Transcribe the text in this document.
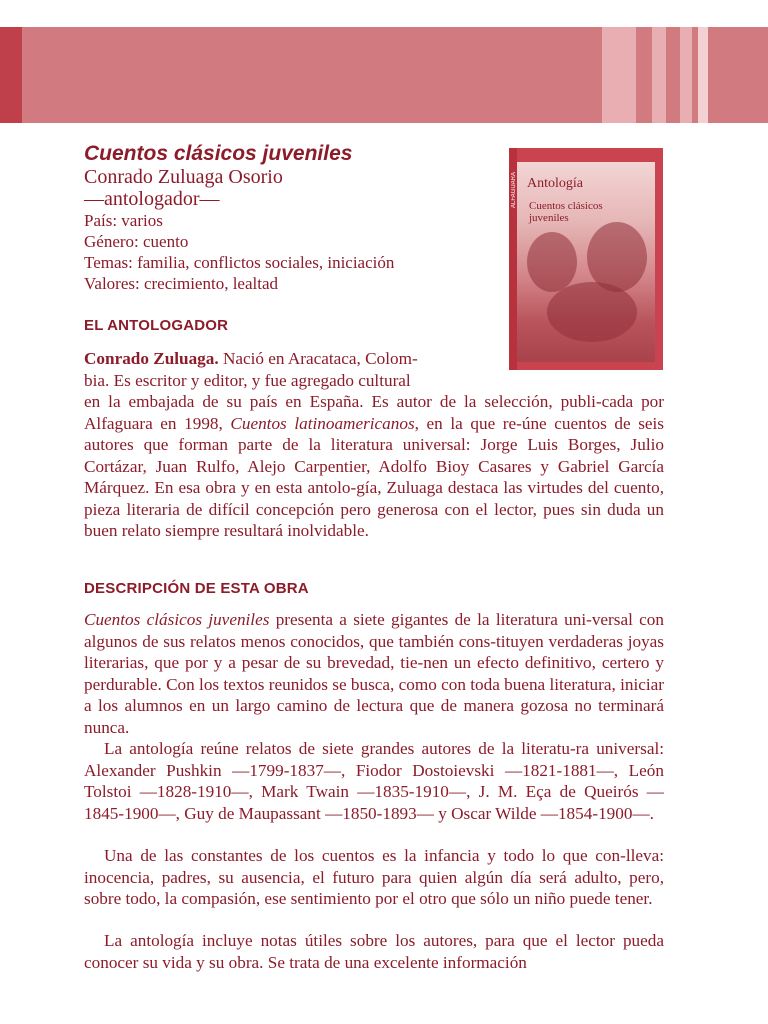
Cuentos clásicos juveniles
Conrado Zuluaga Osorio
—antologador—
País: varios
Género: cuento
Temas: familia, conflictos sociales, iniciación
Valores: crecimiento, lealtad
ALFAGUARA Antología
Cuentos clásicos juveniles
EL ANTOLOGADOR

Conrado Zuluaga. Nació en Aracataca, Colom-
bia. Es escritor y editor, y fue agregado cultural

en la embajada de su país en España. Es autor de la selección, publi-cada por Alfaguara en 1998, Cuentos latinoamericanos, en la que re-úne cuentos de seis autores que forman parte de la literatura universal: Jorge Luis Borges, Julio Cortázar, Juan Rulfo, Alejo Carpentier, Adolfo Bioy Casares y Gabriel García Márquez. En esa obra y en esta antolo-gía, Zuluaga destaca las virtudes del cuento, pieza literaria de difícil concepción pero generosa con el lector, pues sin duda un buen relato siempre resultará inolvidable.

DESCRIPCIÓN DE ESTA OBRA

Cuentos clásicos juveniles presenta a siete gigantes de la literatura uni-versal con algunos de sus relatos menos conocidos, que también cons-tituyen verdaderas joyas literarias, que por y a pesar de su brevedad, tie-nen un efecto definitivo, certero y perdurable. Con los textos reunidos se busca, como con toda buena literatura, iniciar a los alumnos en un largo camino de lectura que de manera gozosa no terminará nunca.

La antología reúne relatos de siete grandes autores de la literatu-ra universal: Alexander Pushkin —1799-1837—, Fiodor Dostoievski —1821-1881—, León Tolstoi —1828-1910—, Mark Twain —1835-1910—, J. M. Eça de Queirós —1845-1900—, Guy de Maupassant —1850-1893— y Oscar Wilde —1854-1900—.

Una de las constantes de los cuentos es la infancia y todo lo que con-lleva: inocencia, padres, su ausencia, el futuro para quien algún día será adulto, pero, sobre todo, la compasión, ese sentimiento por el otro que sólo un niño puede tener.

La antología incluye notas útiles sobre los autores, para que el lector pueda conocer su vida y su obra. Se trata de una excelente información
